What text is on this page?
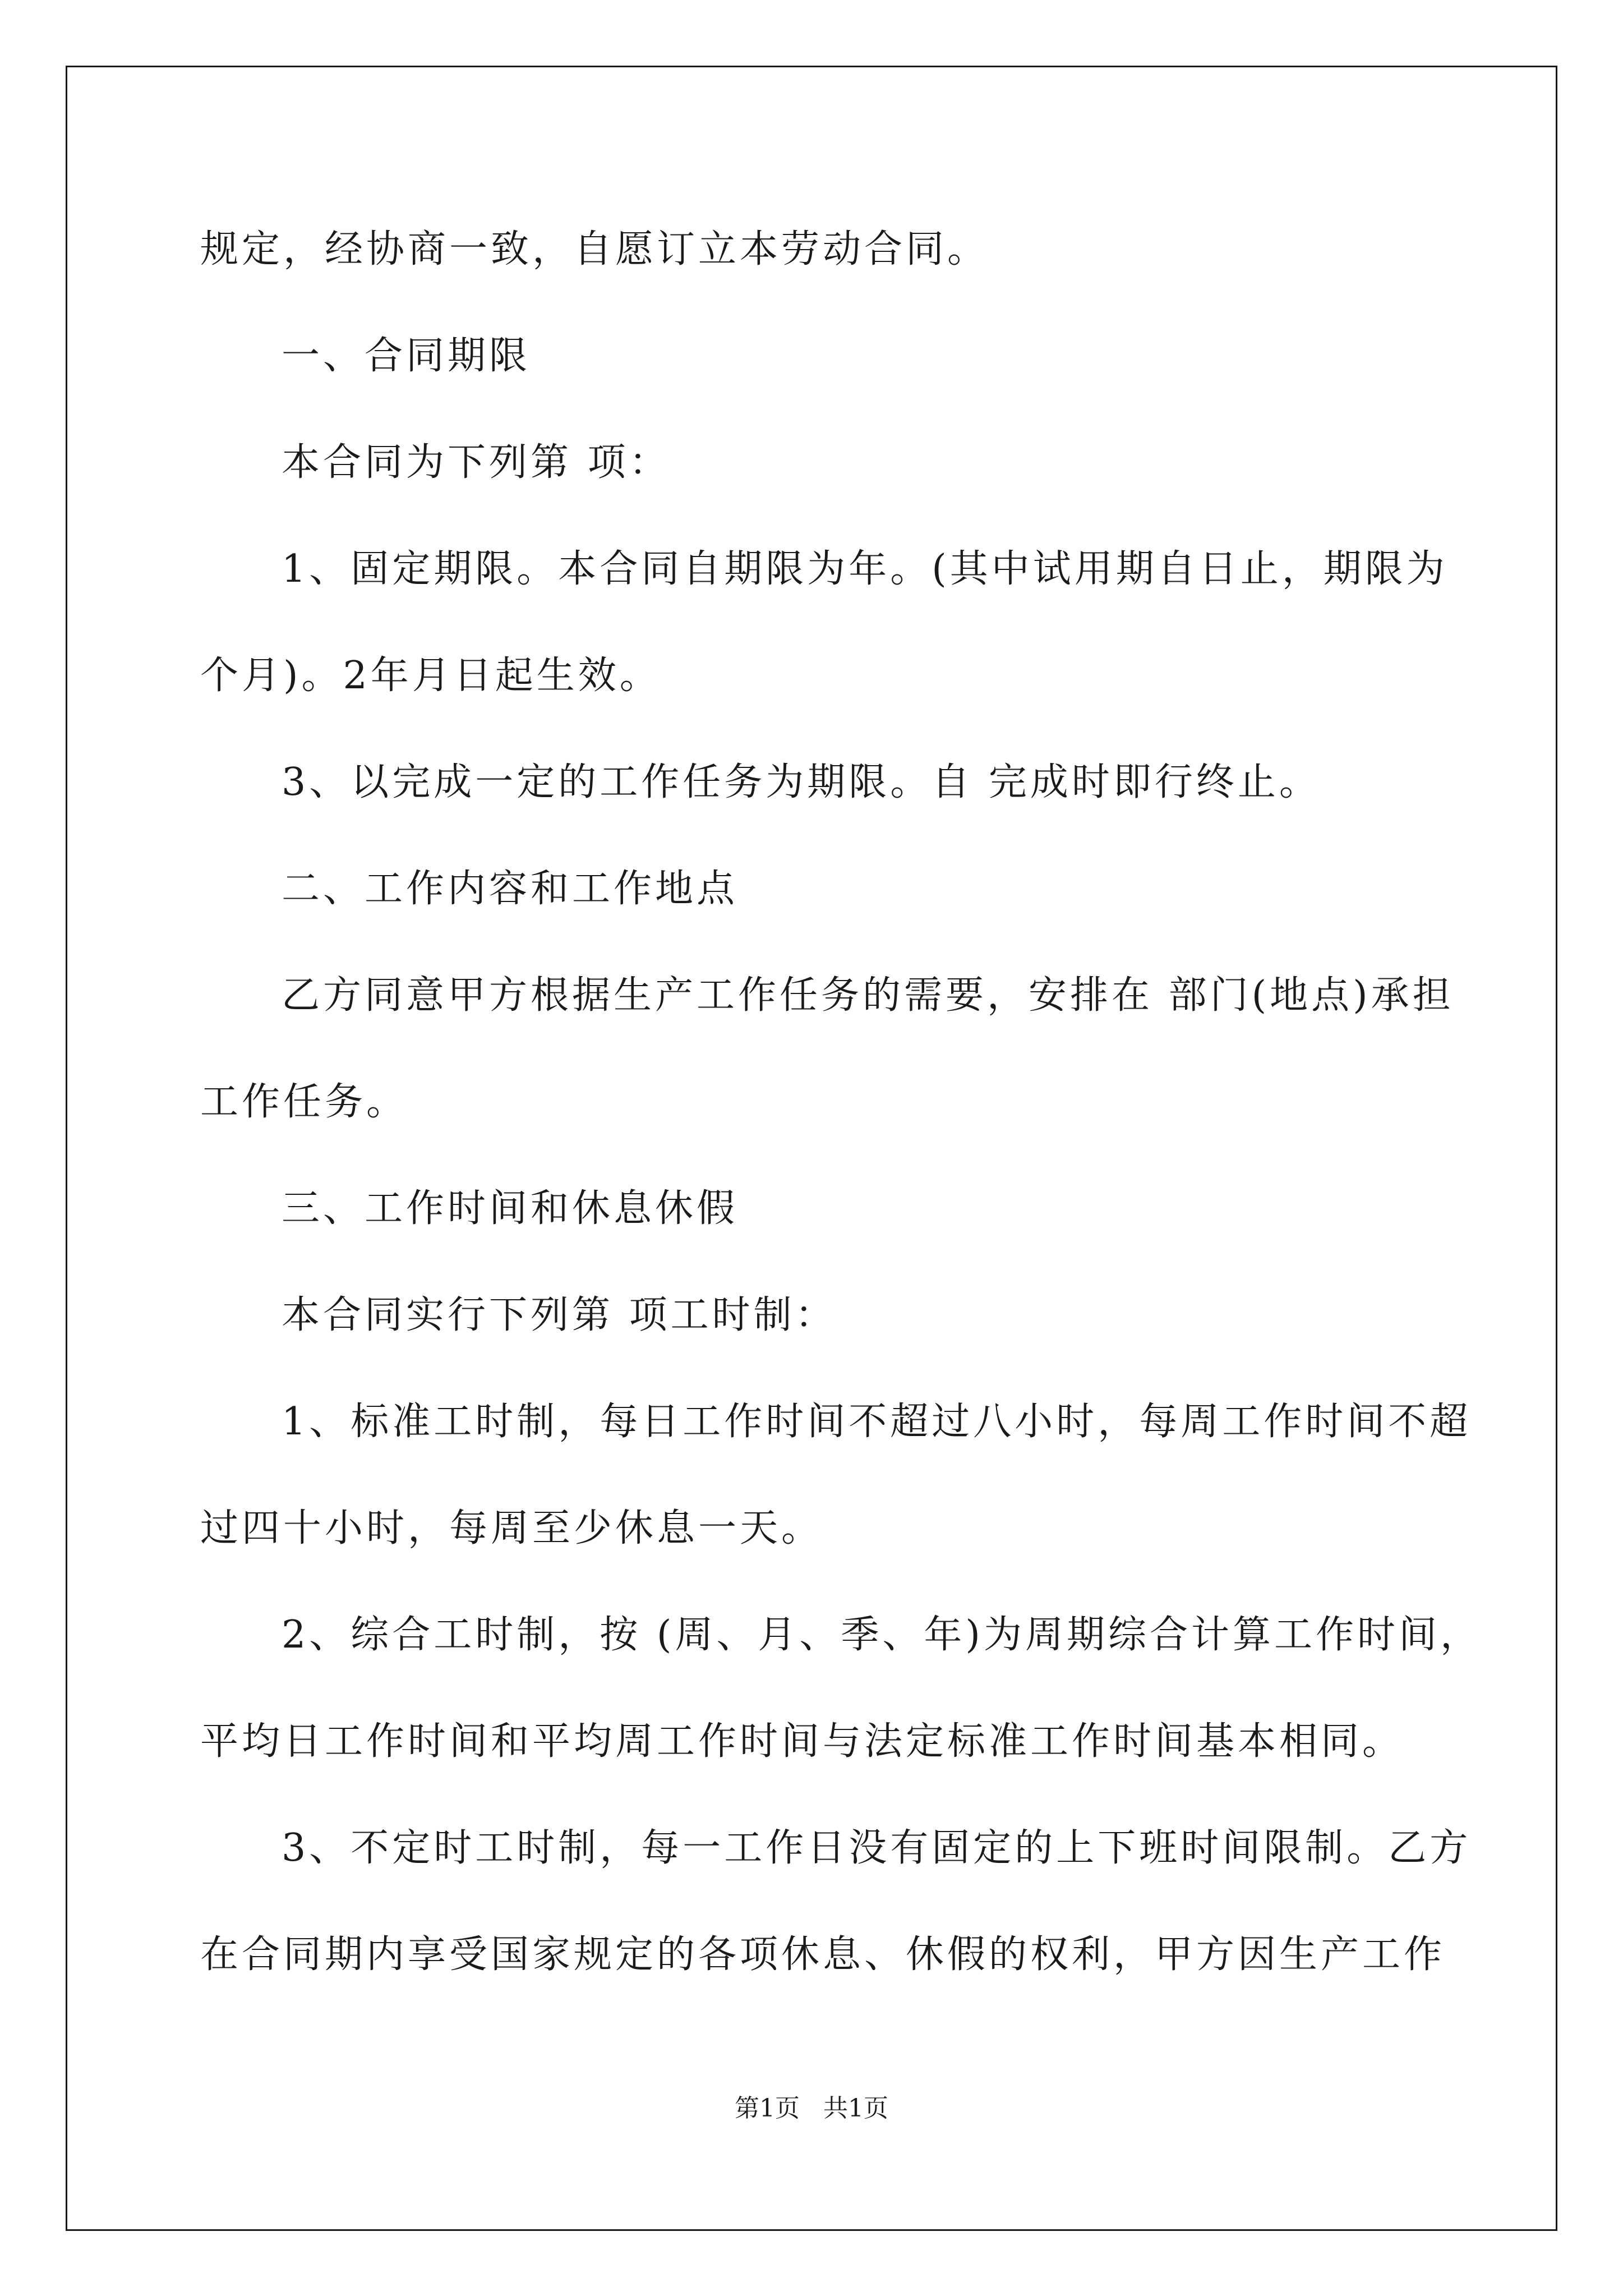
规定，经协商一致，自愿订立本劳动合同。
一、合同期限
本合同为下列第 项：
1、固定期限。本合同自期限为年。(其中试用期自日止，期限为
个月)。2年月日起生效。
3、以完成一定的工作任务为期限。自 完成时即行终止。
二、工作内容和工作地点
乙方同意甲方根据生产工作任务的需要，安排在 部门(地点)承担
工作任务。
三、工作时间和休息休假
本合同实行下列第 项工时制：
1、标准工时制，每日工作时间不超过八小时，每周工作时间不超
过四十小时，每周至少休息一天。
2、综合工时制，按 (周、月、季、年)为周期综合计算工作时间，
平均日工作时间和平均周工作时间与法定标准工作时间基本相同。
3、不定时工时制，每一工作日没有固定的上下班时间限制。乙方
在合同期内享受国家规定的各项休息、休假的权利，甲方因生产工作
第1页   共1页
